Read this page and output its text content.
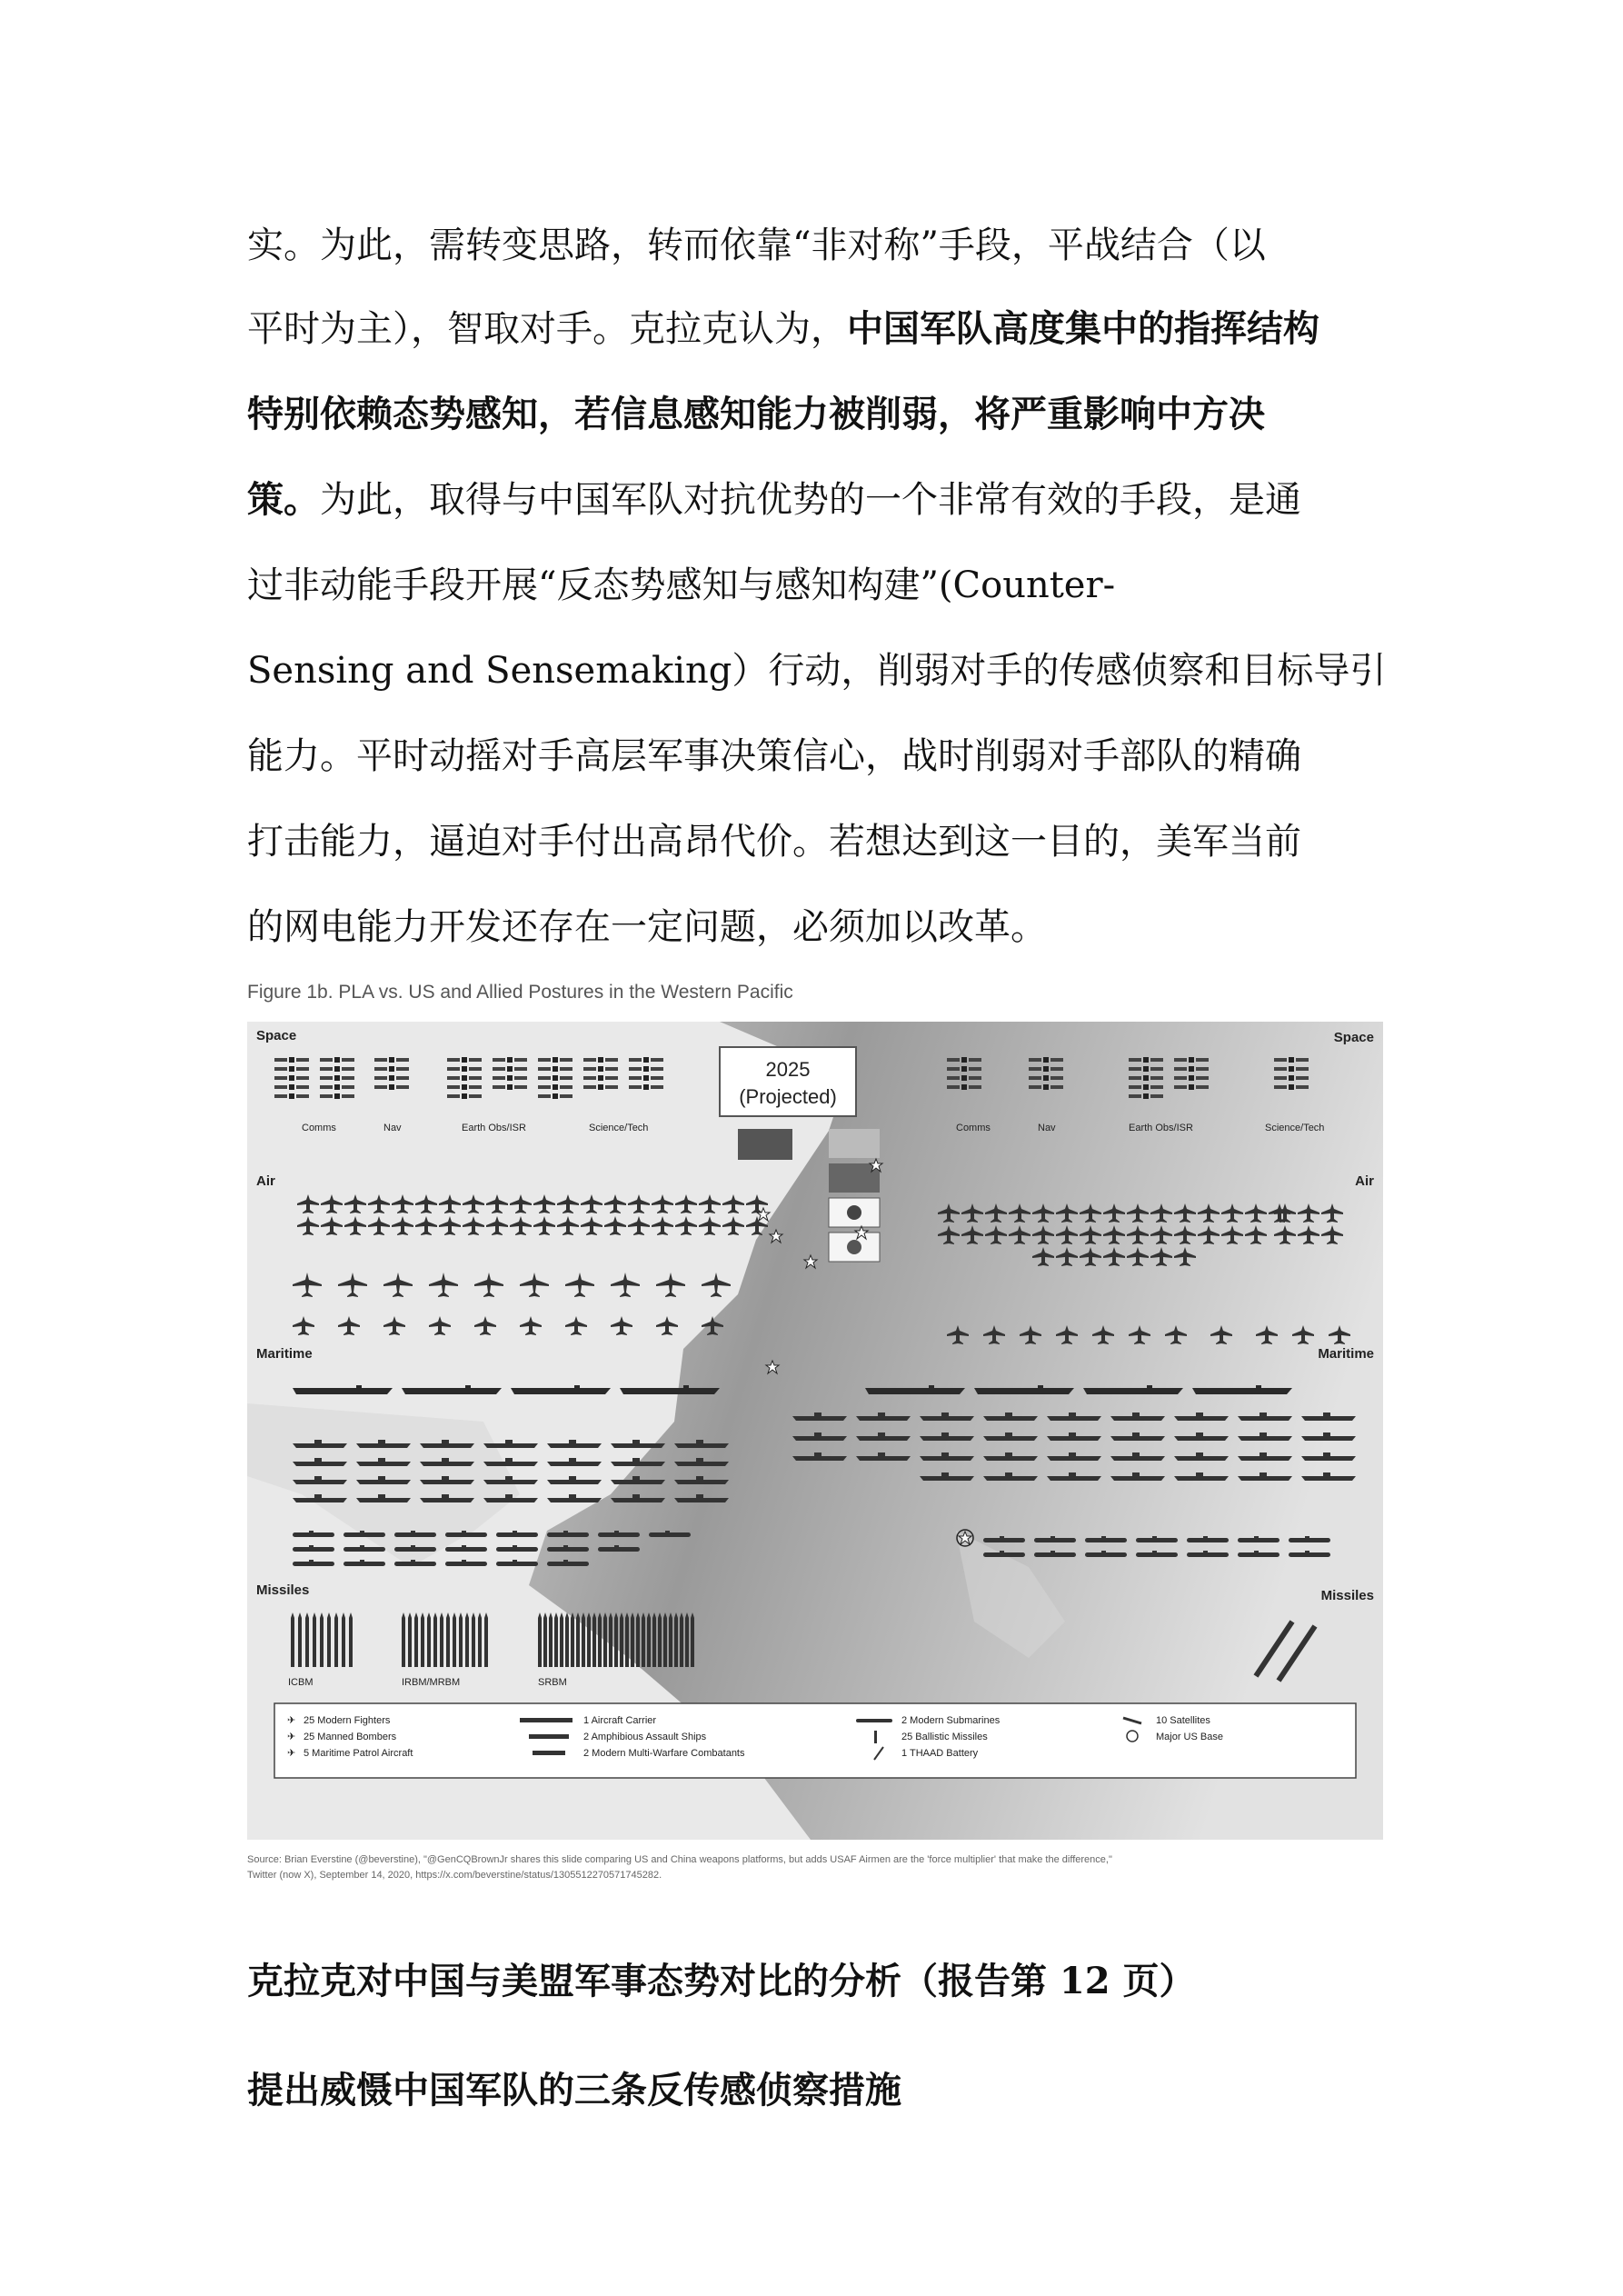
实。为此，需转变思路，转而依靠“非对称”手段，平战结合（以
平时为主），智取对手。克拉克认为，中国军队高度集中的指挥结构
特别依赖态势感知，若信息感知能力被削弱，将严重影响中方决
策。为此，取得与中国军队对抗优势的一个非常有效的手段，是通
过非动能手段开展“反态势感知与感知构建”(Counter-
Sensing and Sensemaking）行动，削弱对手的传感侦察和目标导引
能力。平时动摇对手高层军事决策信心，战时削弱对手部队的精确
打击能力，逼迫对手付出高昂代价。若想达到这一目的，美军当前
的网电能力开发还存在一定问题，必须加以改革。
Figure 1b. PLA vs. US and Allied Postures in the Western Pacific
2025
(Projected)
Space	Space
Air	Air
Maritime	Maritime
Missiles	Missiles
Comms	Nav	Earth Obs/ISR	Science/Tech	Comms	Nav	Earth Obs/ISR	Science/Tech
ICBM	IRBM/MRBM	SRBM
25 Modern Fighters
25 Manned Bombers
5 Maritime Patrol Aircraft
✈
✈
✈
1 Aircraft Carrier
2 Amphibious Assault Ships
2 Modern Multi-Warfare Combatants
2 Modern Submarines
25 Ballistic Missiles
1 THAAD Battery
10 Satellites
Major US Base
Source: Brian Everstine (@beverstine), "@GenCQBrownJr shares this slide comparing US and China weapons platforms, but adds USAF Airmen are the 'force multiplier' that make the difference,"
Twitter (now X), September 14, 2020, https://x.com/beverstine/status/1305512270571745282.
克拉克对中国与美盟军事态势对比的分析（报告第 12 页）
提出威慑中国军队的三条反传感侦察措施
